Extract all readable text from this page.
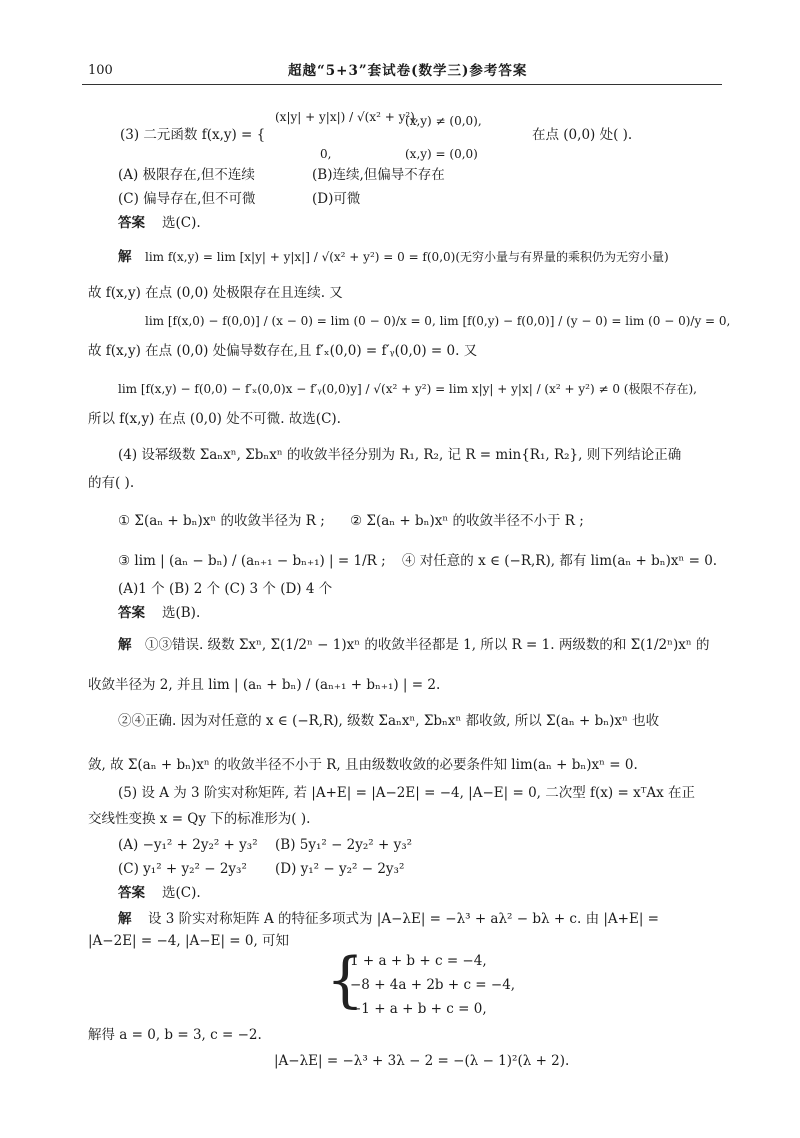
100	超越“5+3”套试卷(数学三)参考答案
(3) 二元函数 f(x,y) = {
(x|y| + y|x|) / √(x² + y²),
(x,y) ≠ (0,0),
在点 (0,0) 处( ).
0,	(x,y) = (0,0)
(A) 极限存在,但不连续	(B)连续,但偏导不存在
(C) 偏导存在,但不可微	(D)可微
答案 选(C).
解 lim f(x,y) = lim [x|y| + y|x|] / √(x² + y²) = 0 = f(0,0)(无穷小量与有界量的乘积仍为无穷小量)
故 f(x,y) 在点 (0,0) 处极限存在且连续. 又
lim [f(x,0) − f(0,0)] / (x − 0) = lim (0 − 0)/x = 0, lim [f(0,y) − f(0,0)] / (y − 0) = lim (0 − 0)/y = 0,
故 f(x,y) 在点 (0,0) 处偏导数存在,且 f′ₓ(0,0) = f′ᵧ(0,0) = 0. 又
lim [f(x,y) − f(0,0) − f′ₓ(0,0)x − f′ᵧ(0,0)y] / √(x² + y²) = lim x|y| + y|x| / (x² + y²) ≠ 0 (极限不存在),
所以 f(x,y) 在点 (0,0) 处不可微. 故选(C).
(4) 设幂级数 Σaₙxⁿ, Σbₙxⁿ 的收敛半径分别为 R₁, R₂, 记 R = min{R₁, R₂}, 则下列结论正确
的有( ).
① Σ(aₙ + bₙ)xⁿ 的收敛半径为 R ; ② Σ(aₙ + bₙ)xⁿ 的收敛半径不小于 R ;
③ lim | (aₙ − bₙ) / (aₙ₊₁ − bₙ₊₁) | = 1/R ; ④ 对任意的 x ∈ (−R,R), 都有 lim(aₙ + bₙ)xⁿ = 0.
(A)1 个 (B) 2 个 (C) 3 个 (D) 4 个
答案 选(B).
解 ①③错误. 级数 Σxⁿ, Σ(1/2ⁿ − 1)xⁿ 的收敛半径都是 1, 所以 R = 1. 两级数的和 Σ(1/2ⁿ)xⁿ 的
收敛半径为 2, 并且 lim | (aₙ + bₙ) / (aₙ₊₁ + bₙ₊₁) | = 2.
②④正确. 因为对任意的 x ∈ (−R,R), 级数 Σaₙxⁿ, Σbₙxⁿ 都收敛, 所以 Σ(aₙ + bₙ)xⁿ 也收
敛, 故 Σ(aₙ + bₙ)xⁿ 的收敛半径不小于 R, 且由级数收敛的必要条件知 lim(aₙ + bₙ)xⁿ = 0.
(5) 设 A 为 3 阶实对称矩阵, 若 |A+E| = |A−2E| = −4, |A−E| = 0, 二次型 f(x) = xᵀAx 在正
交线性变换 x = Qy 下的标准形为( ).
(A) −y₁² + 2y₂² + y₃² (B) 5y₁² − 2y₂² + y₃²
(C) y₁² + y₂² − 2y₃² (D) y₁² − y₂² − 2y₃²
答案 选(C).
解 设 3 阶实对称矩阵 A 的特征多项式为 |A−λE| = −λ³ + aλ² − bλ + c. 由 |A+E| =
|A−2E| = −4, |A−E| = 0, 可知
{
1 + a + b + c = −4,
−8 + 4a + 2b + c = −4,
−1 + a + b + c = 0,
解得 a = 0, b = 3, c = −2.
|A−λE| = −λ³ + 3λ − 2 = −(λ − 1)²(λ + 2).
